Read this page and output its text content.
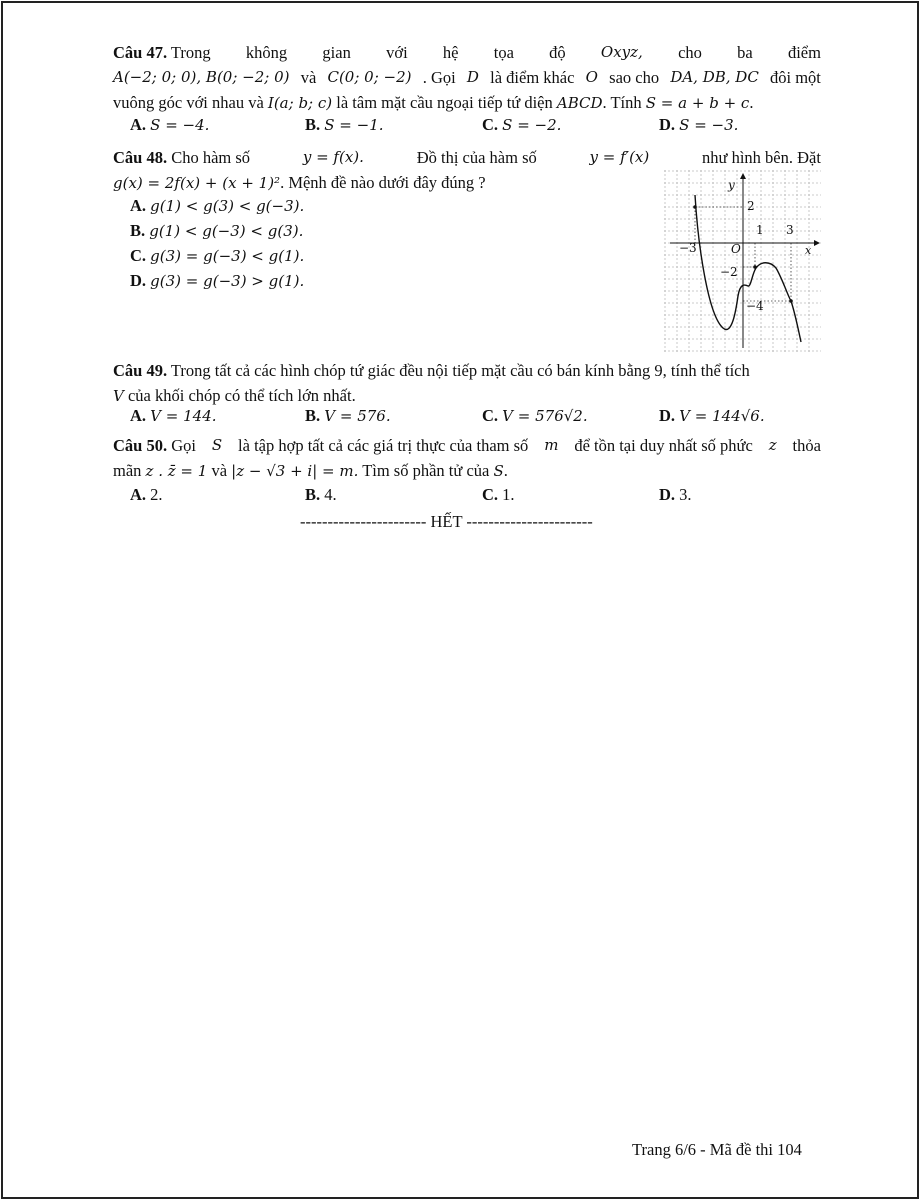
Câu 47. Trong không gian với hệ tọa độ Oxyz, cho ba điểm
A(−2; 0; 0), B(0; −2; 0) và C(0; 0; −2) . Gọi D là điểm khác O sao cho DA, DB, DC đôi một
vuông góc với nhau và I(a; b; c) là tâm mặt cầu ngoại tiếp tứ diện ABCD. Tính S = a + b + c.
A. S = −4.	B. S = −1.	C. S = −2.	D. S = −3.
Câu 48. Cho hàm số	y = f(x).	Đồ thị của hàm số	y = f′(x)	như hình bên. Đặt
g(x) = 2f(x) + (x + 1)². Mệnh đề nào dưới đây đúng ?
A. g(1) < g(3) < g(−3).
B. g(1) < g(−3) < g(3).
C. g(3) = g(−3) < g(1).
D. g(3) = g(−3) > g(1).
y
x
O
2
1 3
−3
−2
−4
Câu 49. Trong tất cả các hình chóp tứ giác đều nội tiếp mặt cầu có bán kính bằng 9, tính thể tích
V của khối chóp có thể tích lớn nhất.
A. V = 144.	B. V = 576.	C. V = 576√2.	D. V = 144√6.
Câu 50. Gọi S là tập hợp tất cả các giá trị thực của tham số m để tồn tại duy nhất số phức z thỏa
mãn z . z̄ = 1 và |z − √3 + i| = m. Tìm số phần tử của S.
A. 2.	B. 4.	C. 1.	D. 3.
----------------------- HẾT -----------------------
Trang 6/6 - Mã đề thi 104
